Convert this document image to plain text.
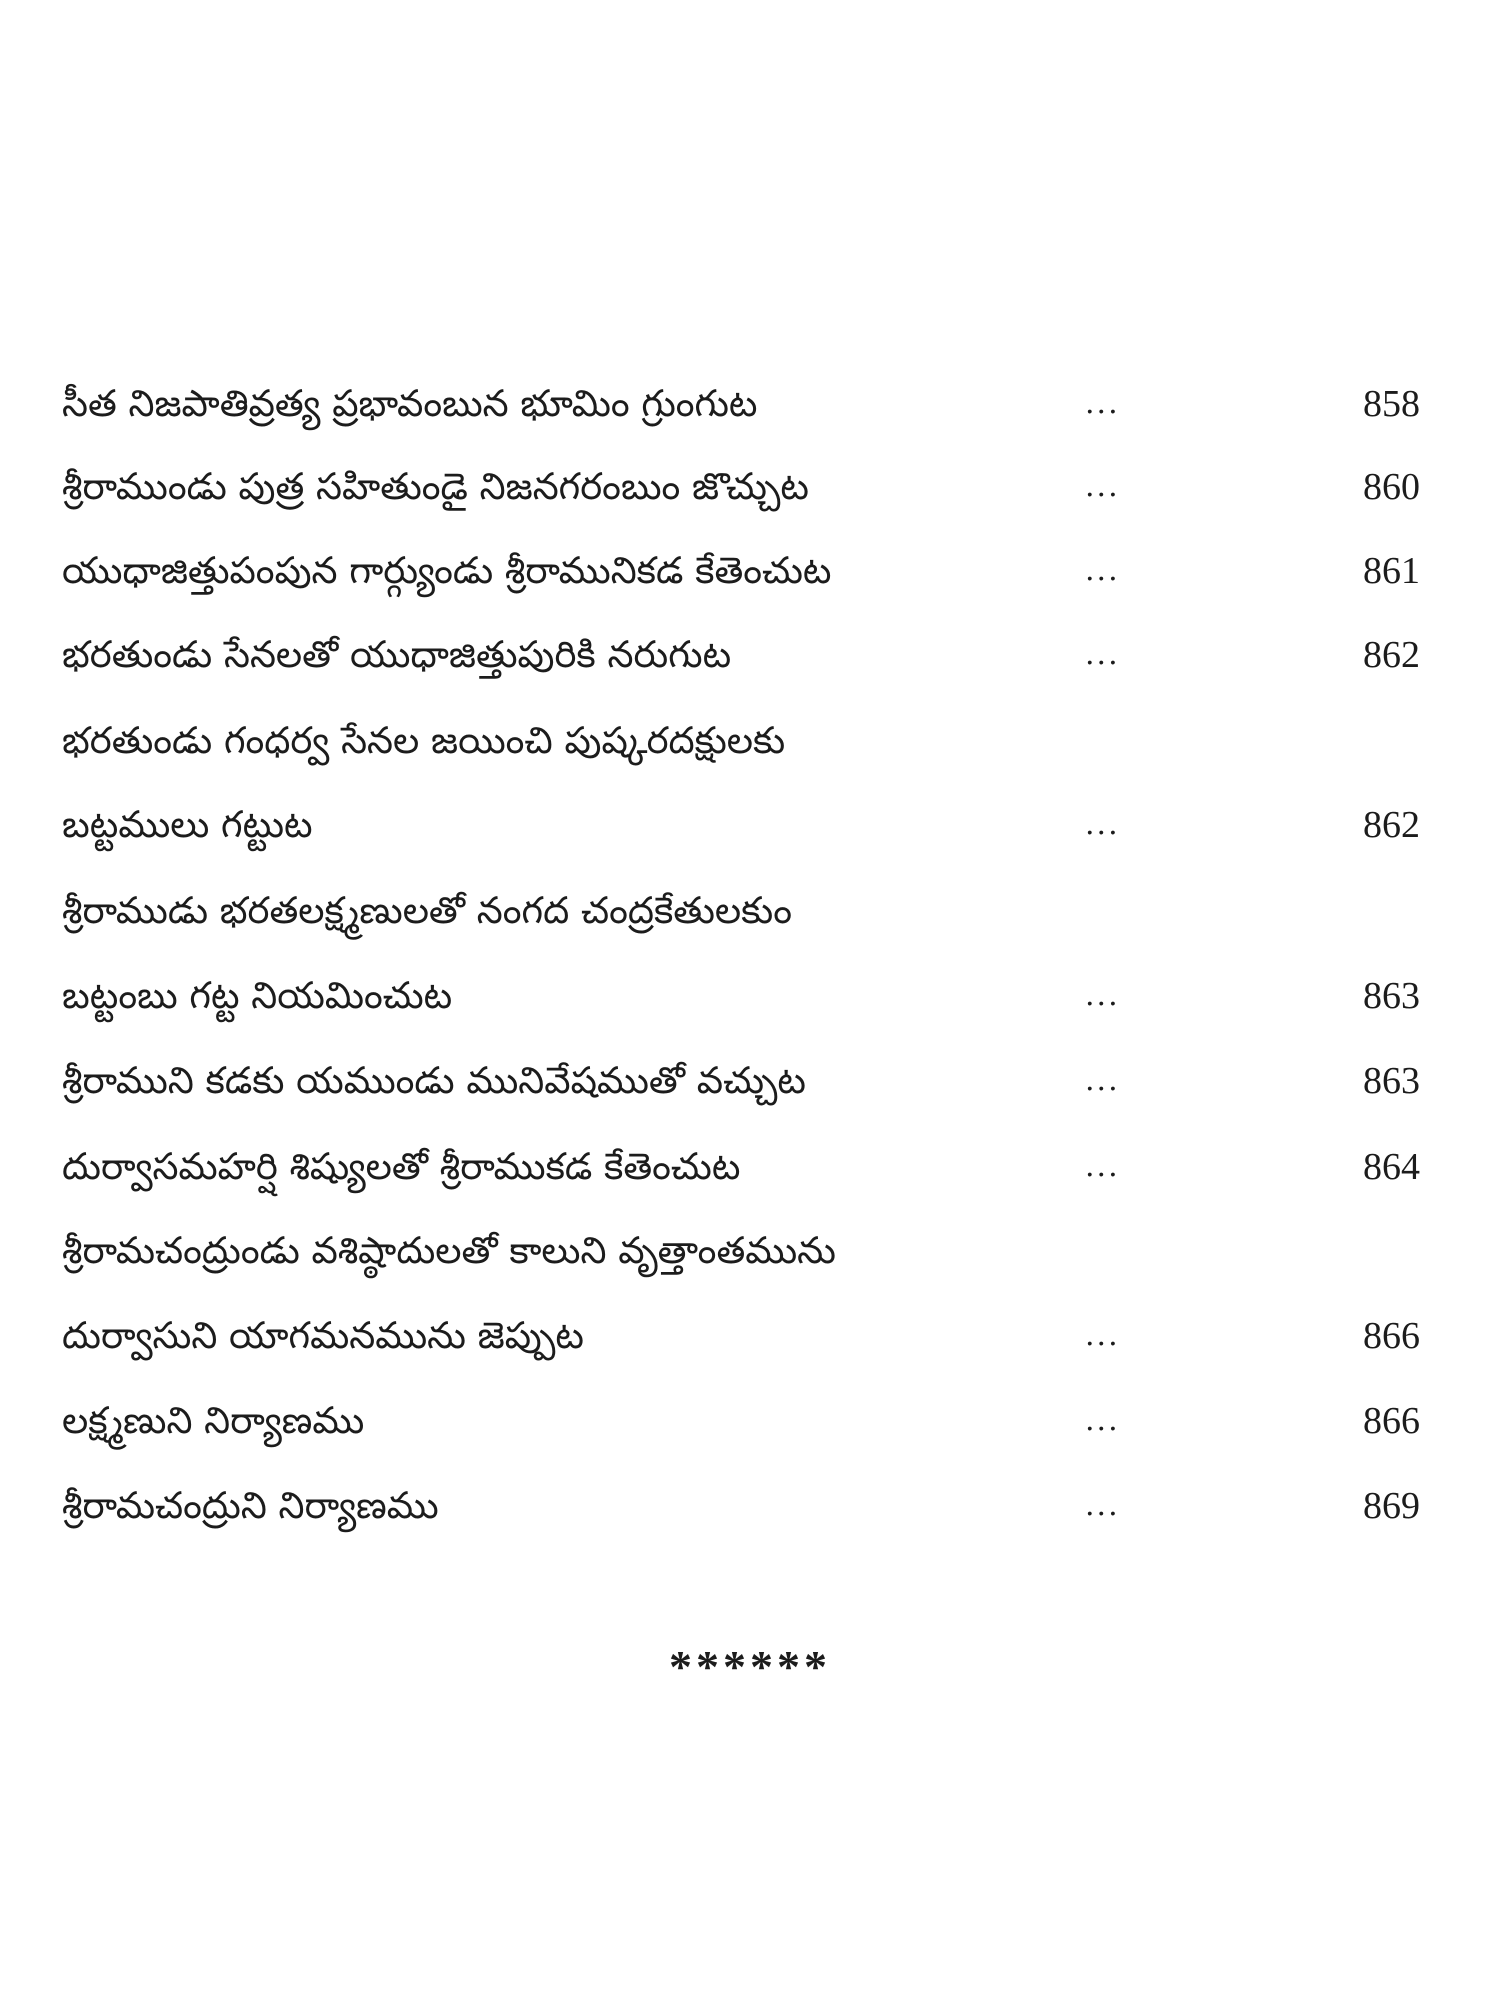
సీత నిజపాతివ్రత్య ప్రభావంబున భూమిం గ్రుంగుట	...	858
శ్రీరాముండు పుత్ర సహితుండై నిజనగరంబుం జొచ్చుట	...	860
యుధాజిత్తుపంపున గార్గ్యుండు శ్రీరామునికడ కేతెంచుట	...	861
భరతుండు సేనలతో యుధాజిత్తుపురికి నరుగుట	...	862
భరతుండు గంధర్వ సేనల జయించి పుష్కరదక్షులకు
బట్టములు గట్టుట	...	862
శ్రీరాముడు భరతలక్ష్మణులతో నంగద చంద్రకేతులకుం
బట్టంబు గట్ట నియమించుట	...	863
శ్రీరాముని కడకు యముండు మునివేషముతో వచ్చుట	...	863
దుర్వాసమహర్షి శిష్యులతో శ్రీరాముకడ కేతెంచుట	...	864
శ్రీరామచంద్రుండు వశిష్ఠాదులతో కాలుని వృత్తాంతమును
దుర్వాసుని యాగమనమును జెప్పుట	...	866
లక్ష్మణుని నిర్యాణము	...	866
శ్రీరామచంద్రుని నిర్యాణము	...	869
******
